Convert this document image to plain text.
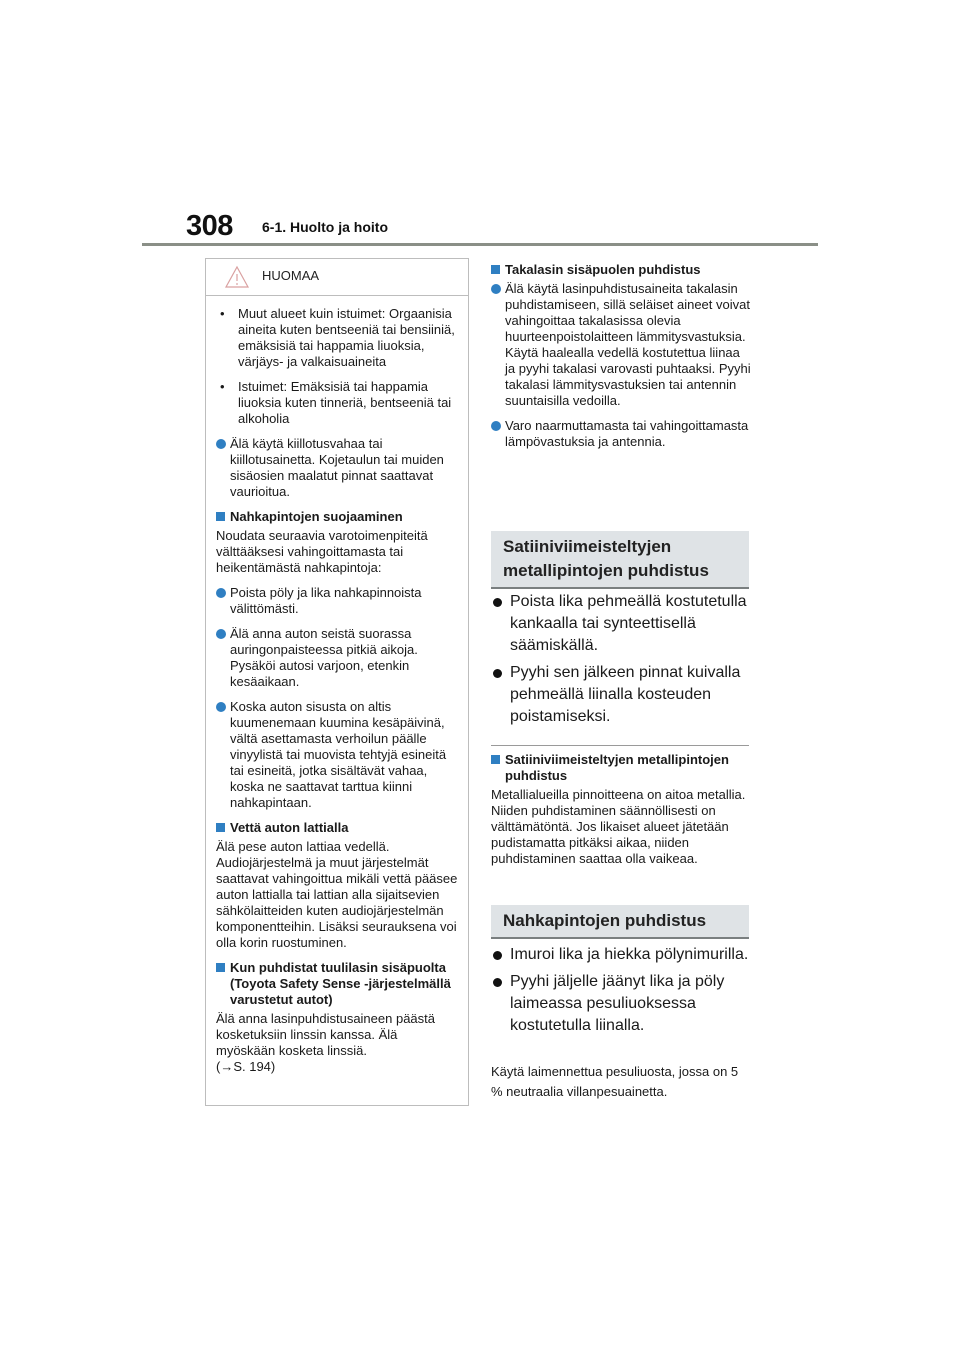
308 6-1. Huolto ja hoito
HUOMAA
• Muut alueet kuin istuimet: Orgaanisia aineita kuten bentseeniä tai bensiiniä, emäksisiä tai happamia liuoksia, värjäys- ja valkaisuaineita
• Istuimet: Emäksisiä tai happamia liuoksia kuten tinneriä, bentseeniä tai alkoholia
Älä käytä kiillotusvahaa tai kiillotusainetta. Kojetaulun tai muiden sisäosien maalatut pinnat saattavat vaurioitua.
Nahkapintojen suojaaminen
Noudata seuraavia varotoimenpiteitä välttääksesi vahingoittamasta tai heikentämästä nahkapintoja:
Poista pöly ja lika nahkapinnoista välittömästi.
Älä anna auton seistä suorassa auringonpaisteessa pitkiä aikoja. Pysäköi autosi varjoon, etenkin kesäaikaan.
Koska auton sisusta on altis kuumenemaan kuumina kesäpäivinä, vältä asettamasta verhoilun päälle vinyylistä tai muovista tehtyjä esineitä tai esineitä, jotka sisältävät vahaa, koska ne saattavat tarttua kiinni nahkapintaan.
Vettä auton lattialla
Älä pese auton lattiaa vedellä. Audiojärjestelmä ja muut järjestelmät saattavat vahingoittua mikäli vettä pääsee auton lattialla tai lattian alla sijaitsevien sähkölaitteiden kuten audiojärjestelmän komponentteihin. Lisäksi seurauksena voi olla korin ruostuminen.
Kun puhdistat tuulilasin sisäpuolta (Toyota Safety Sense -järjestelmällä varustetut autot)
Älä anna lasinpuhdistusaineen päästä kosketuksiin linssin kanssa. Älä myöskään kosketa linssiä.
(→S. 194)
Takalasin sisäpuolen puhdistus
Älä käytä lasinpuhdistusaineita takalasin puhdistamiseen, sillä seläiset aineet voivat vahingoittaa takalasissa olevia huurteenpoistolaitteen lämmitysvastuksia. Käytä haalealla vedellä kostutettua liinaa ja pyyhi takalasi varovasti puhtaaksi. Pyyhi takalasi lämmitysvastuksien tai antennin suuntaisilla vedoilla.
Varo naarmuttamasta tai vahingoittamasta lämpövastuksia ja antennia.
Satiiniviimeisteltyjen metallipintojen puhdistus
Poista lika pehmeällä kostutetulla kankaalla tai synteettisellä säämiskällä.
Pyyhi sen jälkeen pinnat kuivalla pehmeällä liinalla kosteuden poistamiseksi.
Satiiniviimeisteltyjen metallipintojen puhdistus
Metallialueilla pinnoitteena on aitoa metallia. Niiden puhdistaminen säännöllisesti on välttämätöntä. Jos likaiset alueet jätetään pudistamatta pitkäksi aikaa, niiden puhdistaminen saattaa olla vaikeaa.
Nahkapintojen puhdistus
Imuroi lika ja hiekka pölynimurilla.
Pyyhi jäljelle jäänyt lika ja pöly laimeassa pesuliuoksessa kostutetulla liinalla.
Käytä laimennettua pesuliuosta, jossa on 5 % neutraalia villanpesuainetta.
